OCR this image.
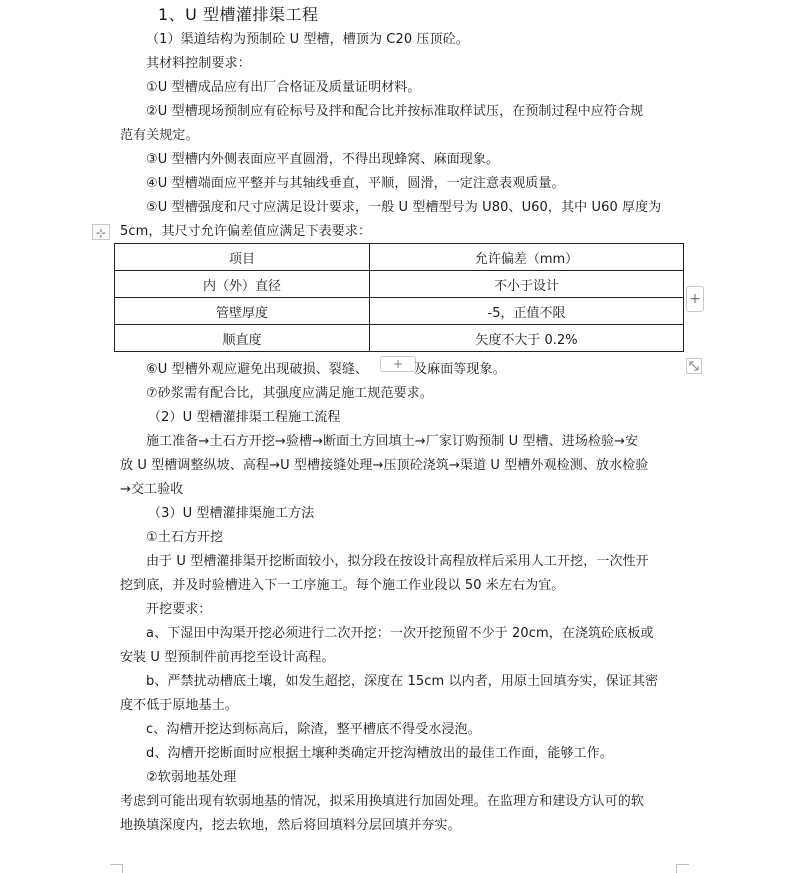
1、U 型槽灌排渠工程
（1）渠道结构为预制砼 U 型槽，槽顶为 C20 压顶砼。
其材料控制要求：
①U 型槽成品应有出厂合格证及质量证明材料。
②U 型槽现场预制应有砼标号及拌和配合比并按标准取样试压，在预制过程中应符合规
范有关规定。
③U 型槽内外侧表面应平直圆滑，不得出现蜂窝、麻面现象。
④U 型槽端面应平整并与其轴线垂直，平顺，圆滑，一定注意表观质量。
⑤U 型槽强度和尺寸应满足设计要求，一般 U 型槽型号为 U80、U60，其中 U60 厚度为
5cm，其尺寸允许偏差值应满足下表要求：
⊹
项目	允许偏差（mm）
内（外）直径	不小于设计
管壁厚度	-5，正值不限
顺直度	矢度不大于 0.2%
+
⑥U 型槽外观应避免出现破损、裂缝、	+ 及麻面等现象。
⑦砂浆需有配合比，其强度应满足施工规范要求。
（2）U 型槽灌排渠工程施工流程
施工准备→土石方开挖→验槽→断面土方回填土→厂家订购预制 U 型槽、进场检验→安
放 U 型槽调整纵坡、高程→U 型槽接缝处理→压顶砼浇筑→渠道 U 型槽外观检测、放水检验
→交工验收
（3）U 型槽灌排渠施工方法
①土石方开挖
由于 U 型槽灌排渠开挖断面较小，拟分段在按设计高程放样后采用人工开挖，一次性开
挖到底，并及时验槽进入下一工序施工。每个施工作业段以 50 米左右为宜。
开挖要求：
a、下湿田中沟渠开挖必须进行二次开挖：一次开挖预留不少于 20cm，在浇筑砼底板或
安装 U 型预制件前再挖至设计高程。
b、严禁扰动槽底土壤，如发生超挖，深度在 15cm 以内者，用原土回填夯实，保证其密
度不低于原地基土。
c、沟槽开挖达到标高后，除渣，整平槽底不得受水浸泡。
d、沟槽开挖断面时应根据土壤种类确定开挖沟槽放出的最佳工作面，能够工作。
②软弱地基处理
考虑到可能出现有软弱地基的情况，拟采用换填进行加固处理。在监理方和建设方认可的软
地换填深度内，挖去软地，然后将回填料分层回填并夯实。
